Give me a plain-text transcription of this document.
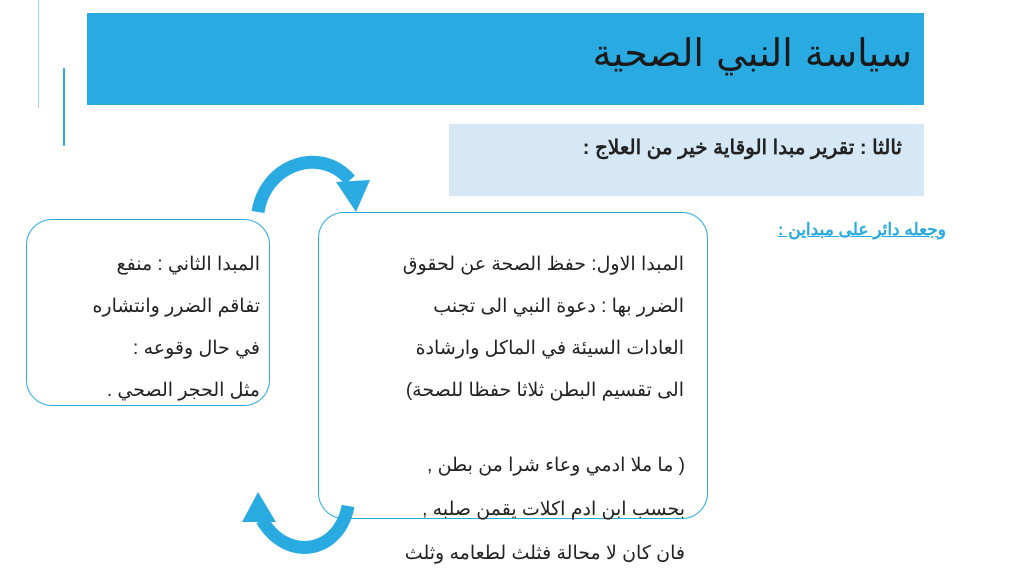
سياسة النبي الصحية
ثالثا : تقرير مبدا الوقاية خير من العلاج :
وجعله دائر على مبداين :
المبدا الاول: حفظ الصحة عن لحقوق
الضرر بها : دعوة النبي الى تجنب
العادات السيئة في الماكل وارشادة
الى تقسيم البطن ثلاثا حفظا للصحة)
( ما ملا ادمي وعاء شرا من بطن ,
بحسب ابن ادم اكلات يقمن صلبه ,
فان كان لا محالة فثلث لطعامه وثلث
المبدا الثاني : منفع
تفاقم الضرر وانتشاره
في حال وقوعه :
مثل الحجر الصحي .
